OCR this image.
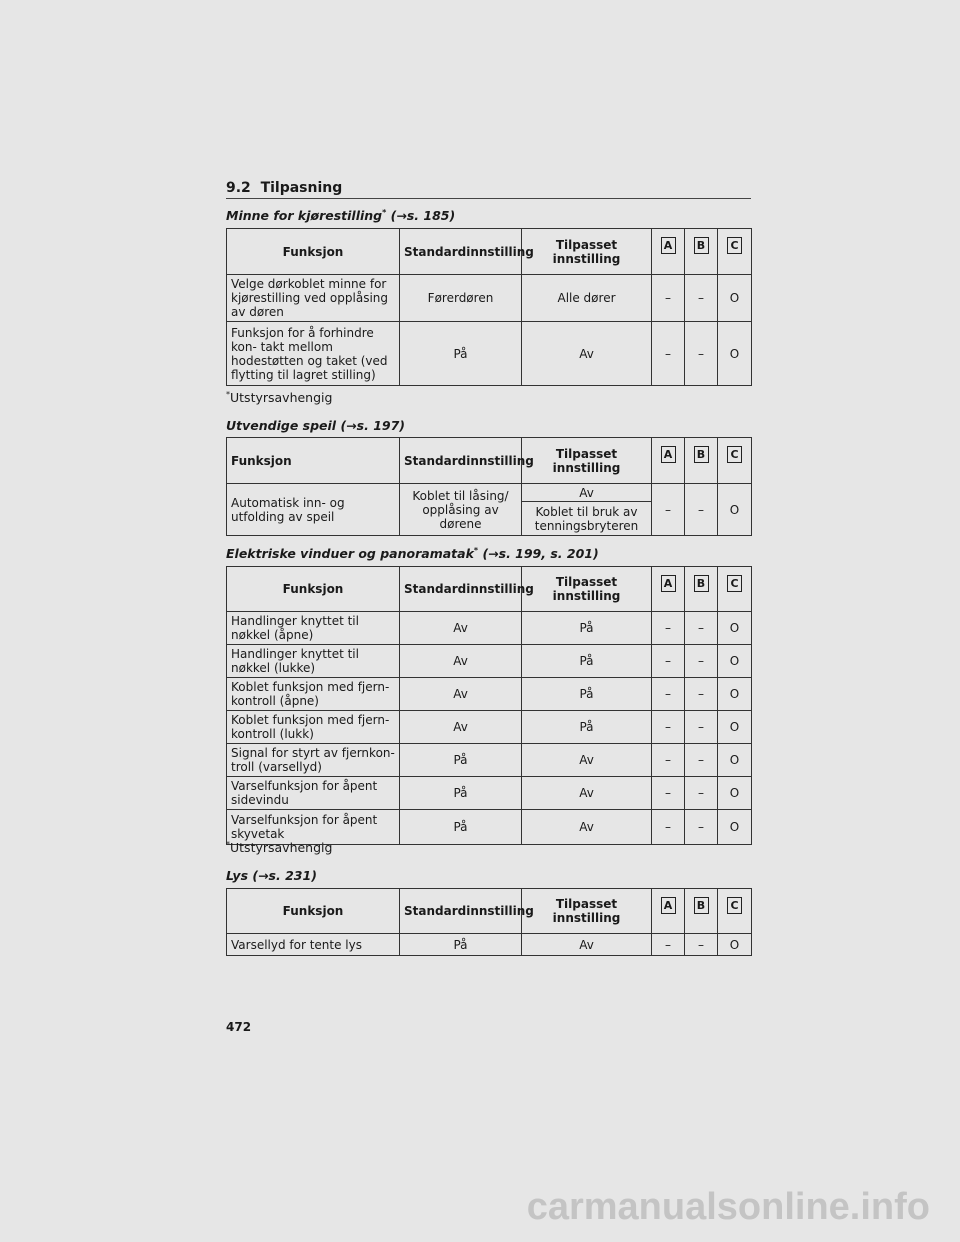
9.2 Tilpasning
Minne for kjørestilling* (→s. 185)
Funksjon	Standardinnstilling	Tilpasset innstilling	A	B	C
Velge dørkoblet minne for kjørestilling ved opplåsing av døren	Førerdøren	Alle dører	–	–	O
Funksjon for å forhindre kon- takt mellom hodestøtten og taket (ved flytting til lagret stilling)	På	Av	–	–	O
*Utstyrsavhengig
Utvendige speil (→s. 197)
Funksjon	Standardinnstilling	Tilpasset innstilling	A	B	C
Automatisk inn- og utfolding av speil	Koblet til låsing/ opplåsing av dørene	Av	–	–	O
		Koblet til bruk av tenningsbryteren			
Elektriske vinduer og panoramatak* (→s. 199, s. 201)
Funksjon	Standardinnstilling	Tilpasset innstilling	A	B	C
Handlinger knyttet til nøkkel (åpne)	Av	På	–	–	O
Handlinger knyttet til nøkkel (lukke)	Av	På	–	–	O
Koblet funksjon med fjern- kontroll (åpne)	Av	På	–	–	O
Koblet funksjon med fjern- kontroll (lukk)	Av	På	–	–	O
Signal for styrt av fjernkon- troll (varsellyd)	På	Av	–	–	O
Varselfunksjon for åpent sidevindu	På	Av	–	–	O
Varselfunksjon for åpent skyvetak	På	Av	–	–	O
*Utstyrsavhengig
Lys (→s. 231)
Funksjon	Standardinnstilling	Tilpasset innstilling	A	B	C
Varsellyd for tente lys	På	Av	–	–	O
472
carmanualsonline.info
